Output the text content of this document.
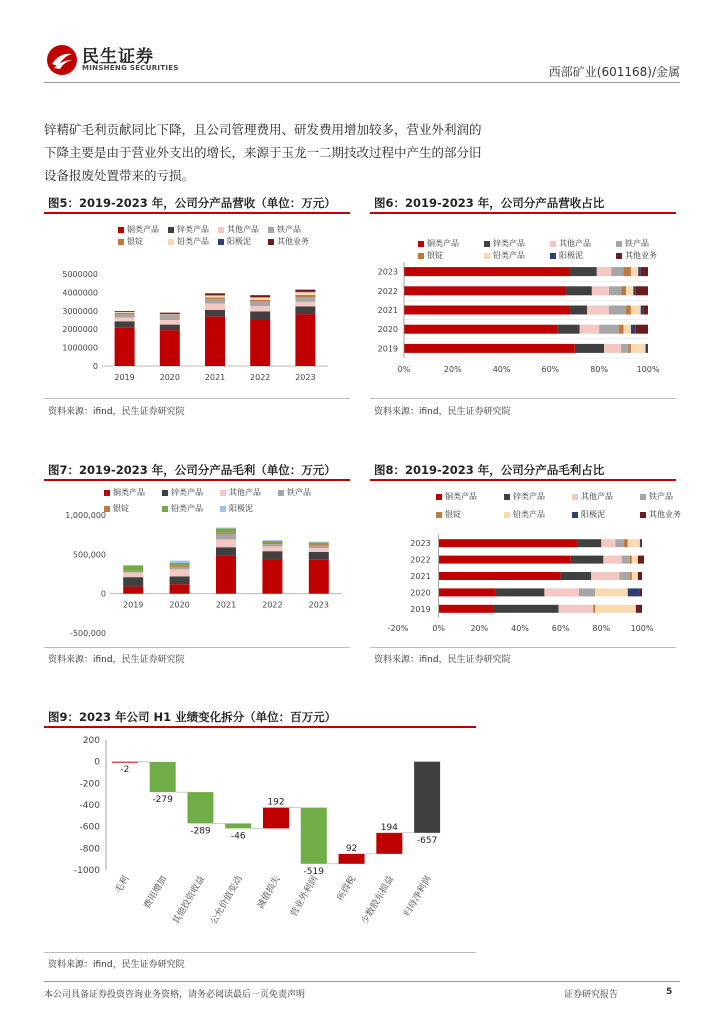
民生证券
MINSHENG SECURITIES	西部矿业(601168)/金属
锌精矿毛利贡献同比下降，且公司管理费用、研发费用增加较多，营业外利润的下降主要是由于营业外支出的增长，来源于玉龙一二期技改过程中产生的部分旧设备报废处置带来的亏损。
图5：2019-2023 年，公司分产品营收（单位：万元）
铜类产品	锌类产品	其他产品	铁产品
银锭	铅类产品	阳极泥	其他业务
5000000
4000000
3000000
2000000
1000000
0
2019	2020	2021	2022	2023
资料来源：ifind，民生证券研究院
图6：2019-2023 年，公司分产品营收占比
铜类产品	锌类产品	其他产品	铁产品
银锭	铅类产品	阳极泥	其他业务
2023
2022
2021
2020
2019
0%	20%	40%	60%	80%	100%
资料来源：ifind，民生证券研究院
图7：2019-2023 年，公司分产品毛利（单位：万元）
铜类产品	锌类产品	其他产品	铁产品
银锭	铅类产品	阳极泥
1,000,000
500,000
0
-500,000
2019	2020	2021	2022	2023
资料来源：ifind，民生证券研究院
图8：2019-2023 年，公司分产品毛利占比
铜类产品	锌类产品	其他产品	铁产品
银锭	铅类产品	阳极泥	其他业务
2023
2022
2021
2020
2019
-20%	0%	20%	40%	60%	80%	100%
资料来源：ifind，民生证券研究院
图9：2023 年公司 H1 业绩变化拆分（单位：百万元）
200
0
-200
-400
-600
-800
-1000
-2
毛利
-279
费用增加
-289
其他投资收益
-46
公允价值变动
192
减值损失
-519
营业外利润
92
所得税
194
少数股东损益
-657
归母净利润
资料来源：ifind，民生证券研究院
本公司具备证券投资咨询业务资格，请务必阅读最后一页免责声明	证券研究报告	5
